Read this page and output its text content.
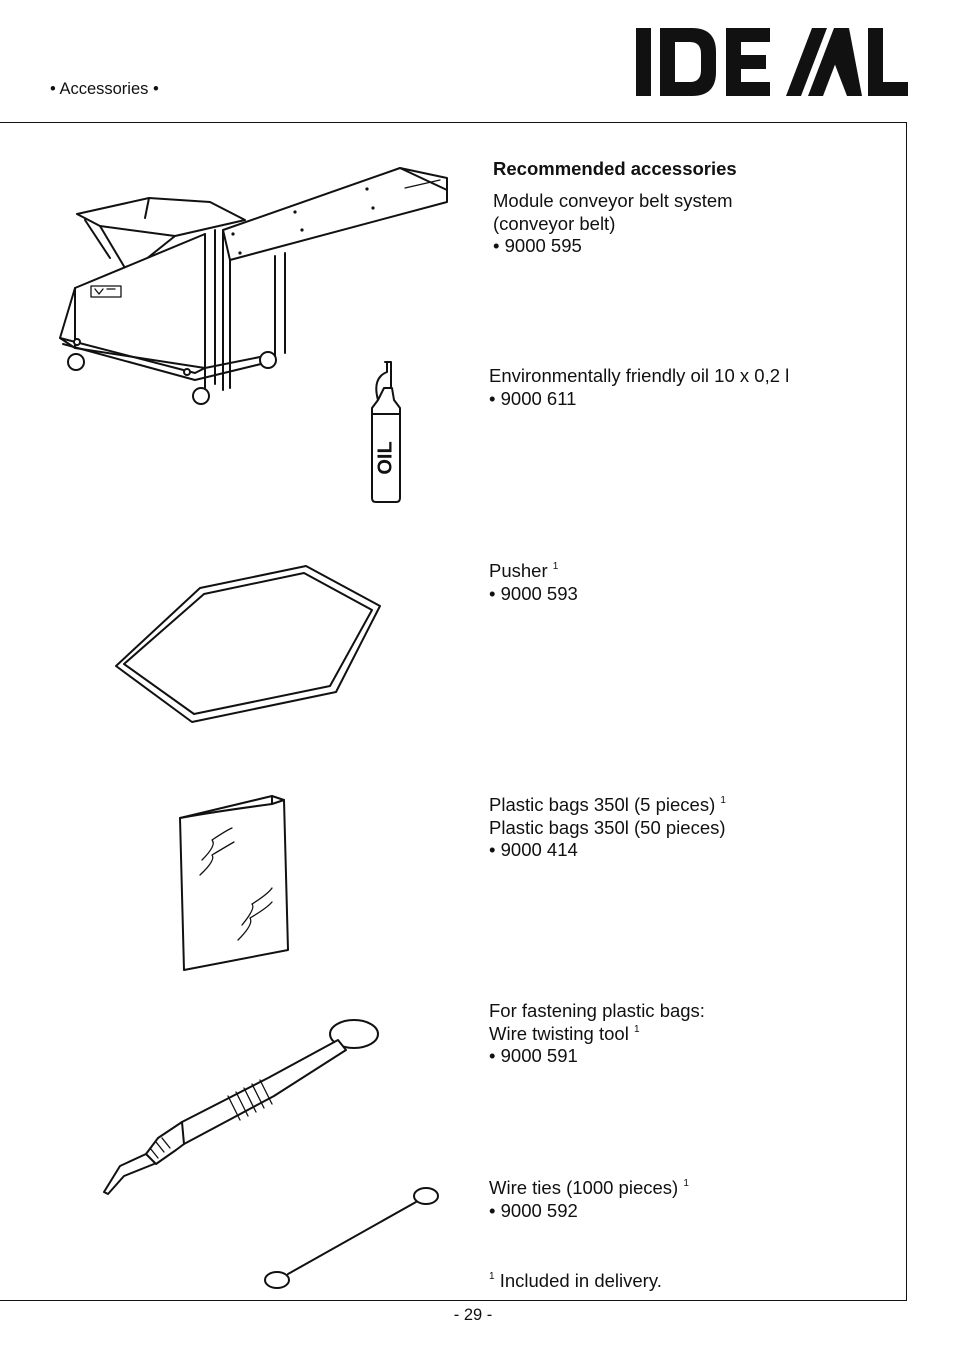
• Accessories •
Recommended accessories
Module conveyor belt system
(conveyor belt)
• 9000 595
Environmentally friendly oil 10 x 0,2 l
• 9000 611
Pusher $^1$
• 9000 593
Plastic bags 350l (5 pieces) $^1$
Plastic bags 350l (50 pieces)
• 9000 414
For fastening plastic bags:
Wire twisting tool $^1$
• 9000 591
Wire ties (1000 pieces) $^1$
• 9000 592
$^1$ Included in delivery.
OIL
- 29 -
